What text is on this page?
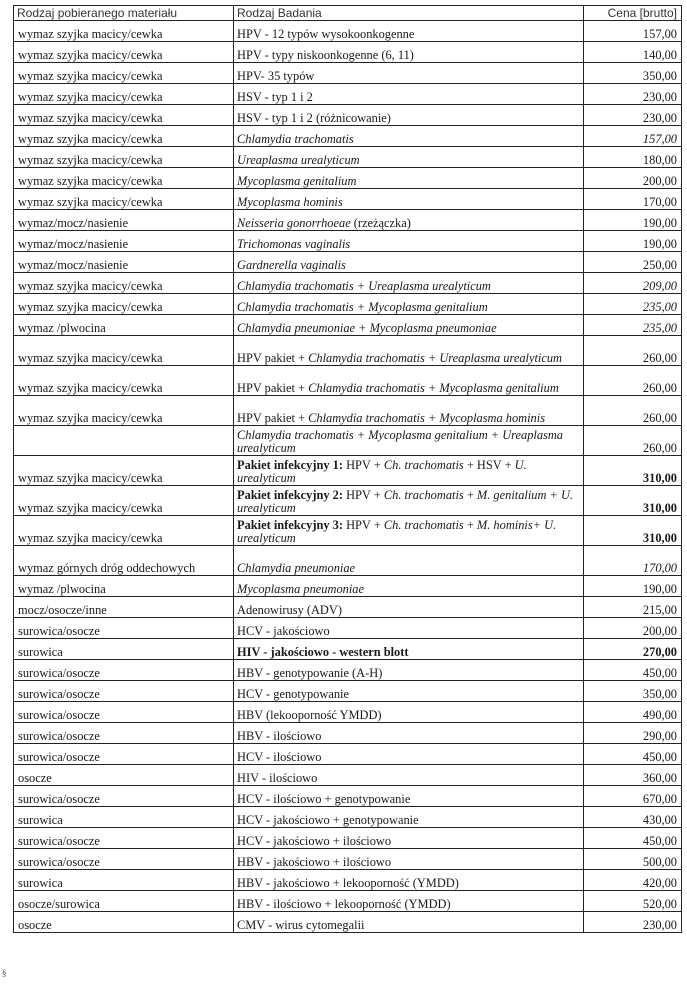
Rodzaj pobieranego materiału	Rodzaj Badania	Cena [brutto]
wymaz szyjka macicy/cewka	HPV - 12 typów wysokoonkogenne	157,00
wymaz szyjka macicy/cewka	HPV - typy niskoonkogenne (6, 11)	140,00
wymaz szyjka macicy/cewka	HPV- 35 typów	350,00
wymaz szyjka macicy/cewka	HSV - typ 1 i 2	230,00
wymaz szyjka macicy/cewka	HSV - typ 1 i 2 (różnicowanie)	230,00
wymaz szyjka macicy/cewka	Chlamydia trachomatis	157,00
wymaz szyjka macicy/cewka	Ureaplasma urealyticum	180,00
wymaz szyjka macicy/cewka	Mycoplasma genitalium	200,00
wymaz szyjka macicy/cewka	Mycoplasma hominis	170,00
wymaz/mocz/nasienie	Neisseria gonorrhoeae (rzeżączka)	190,00
wymaz/mocz/nasienie	Trichomonas vaginalis	190,00
wymaz/mocz/nasienie	Gardnerella vaginalis	250,00
wymaz szyjka macicy/cewka	Chlamydia trachomatis + Ureaplasma urealyticum	209,00
wymaz szyjka macicy/cewka	Chlamydia trachomatis + Mycoplasma genitalium	235,00
wymaz /plwocina	Chlamydia pneumoniae + Mycoplasma pneumoniae	235,00
wymaz szyjka macicy/cewka	HPV pakiet + Chlamydia trachomatis + Ureaplasma urealyticum	260,00
wymaz szyjka macicy/cewka	HPV pakiet + Chlamydia trachomatis + Mycoplasma genitalium	260,00
wymaz szyjka macicy/cewka	HPV pakiet + Chlamydia trachomatis + Mycoplasma hominis	260,00
	Chlamydia trachomatis + Mycoplasma genitalium + Ureaplasma urealyticum	260,00
wymaz szyjka macicy/cewka	Pakiet infekcyjny 1: HPV + Ch. trachomatis + HSV + U. urealyticum	310,00
wymaz szyjka macicy/cewka	Pakiet infekcyjny 2: HPV + Ch. trachomatis + M. genitalium + U. urealyticum	310,00
wymaz szyjka macicy/cewka	Pakiet infekcyjny 3: HPV + Ch. trachomatis + M. hominis+ U. urealyticum	310,00
wymaz górnych dróg oddechowych	Chlamydia pneumoniae	170,00
wymaz /plwocina	Mycoplasma pneumoniae	190,00
mocz/osocze/inne	Adenowirusy (ADV)	215,00
surowica/osocze	HCV - jakościowo	200,00
surowica	HIV - jakościowo - western blott	270,00
surowica/osocze	HBV - genotypowanie (A-H)	450,00
surowica/osocze	HCV - genotypowanie	350,00
surowica/osocze	HBV (lekooporność YMDD)	490,00
surowica/osocze	HBV - ilościowo	290,00
surowica/osocze	HCV - ilościowo	450,00
osocze	HIV - ilościowo	360,00
surowica/osocze	HCV - ilościowo + genotypowanie	670,00
surowica	HCV - jakościowo + genotypowanie	430,00
surowica/osocze	HCV - jakościowo + ilościowo	450,00
surowica/osocze	HBV - jakościowo + ilościowo	500,00
surowica	HBV - jakościowo + lekooporność (YMDD)	420,00
osocze/surowica	HBV - ilościowo + lekooporność (YMDD)	520,00
osocze	CMV - wirus cytomegalii	230,00
§
